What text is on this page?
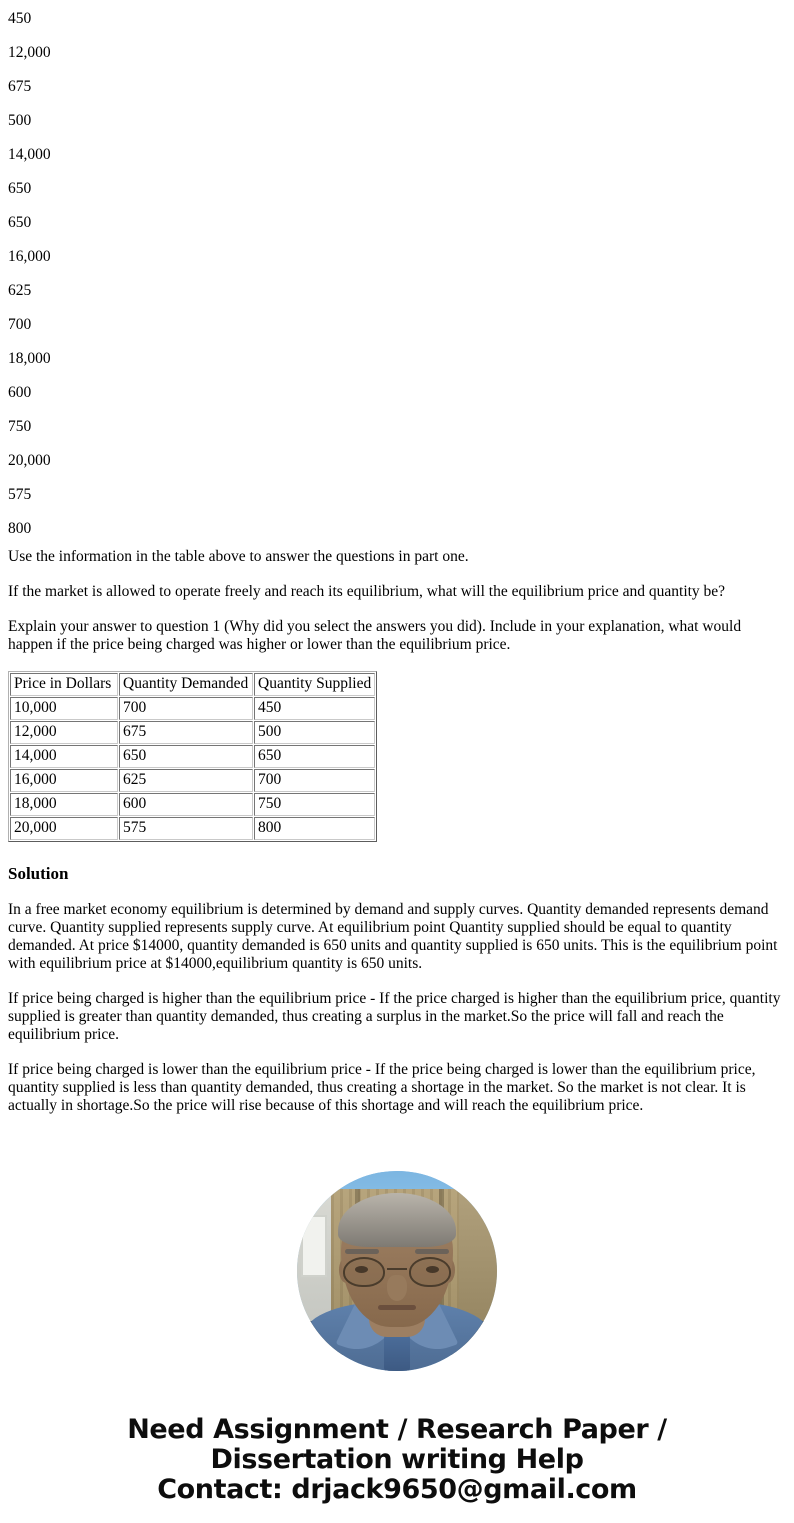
450
12,000
675
500
14,000
650
650
16,000
625
700
18,000
600
750
20,000
575
800

Use the information in the table above to answer the questions in part one.

If the market is allowed to operate freely and reach its equilibrium, what will the equilibrium price and quantity be?

Explain your answer to question 1 (Why did you select the answers you did). Include in your explanation, what would happen if the price being charged was higher or lower than the equilibrium price.

Price in Dollars	Quantity Demanded	Quantity Supplied
10,000	700	450
12,000	675	500
14,000	650	650
16,000	625	700
18,000	600	750
20,000	575	800
Solution

In a free market economy equilibrium is determined by demand and supply curves. Quantity demanded represents demand curve. Quantity supplied represents supply curve. At equilibrium point Quantity supplied should be equal to quantity demanded. At price $14000, quantity demanded is 650 units and quantity supplied is 650 units. This is the equilibrium point with equilibrium price at $14000,equilibrium quantity is 650 units.

If price being charged is higher than the equilibrium price - If the price charged is higher than the equilibrium price, quantity supplied is greater than quantity demanded, thus creating a surplus in the market.So the price will fall and reach the equilibrium price.

If price being charged is lower than the equilibrium price - If the price being charged is lower than the equilibrium price, quantity supplied is less than quantity demanded, thus creating a shortage in the market. So the market is not clear. It is actually in shortage.So the price will rise because of this shortage and will reach the equilibrium price.

Need Assignment / Research Paper / Dissertation writing Help
Contact: drjack9650@gmail.com
